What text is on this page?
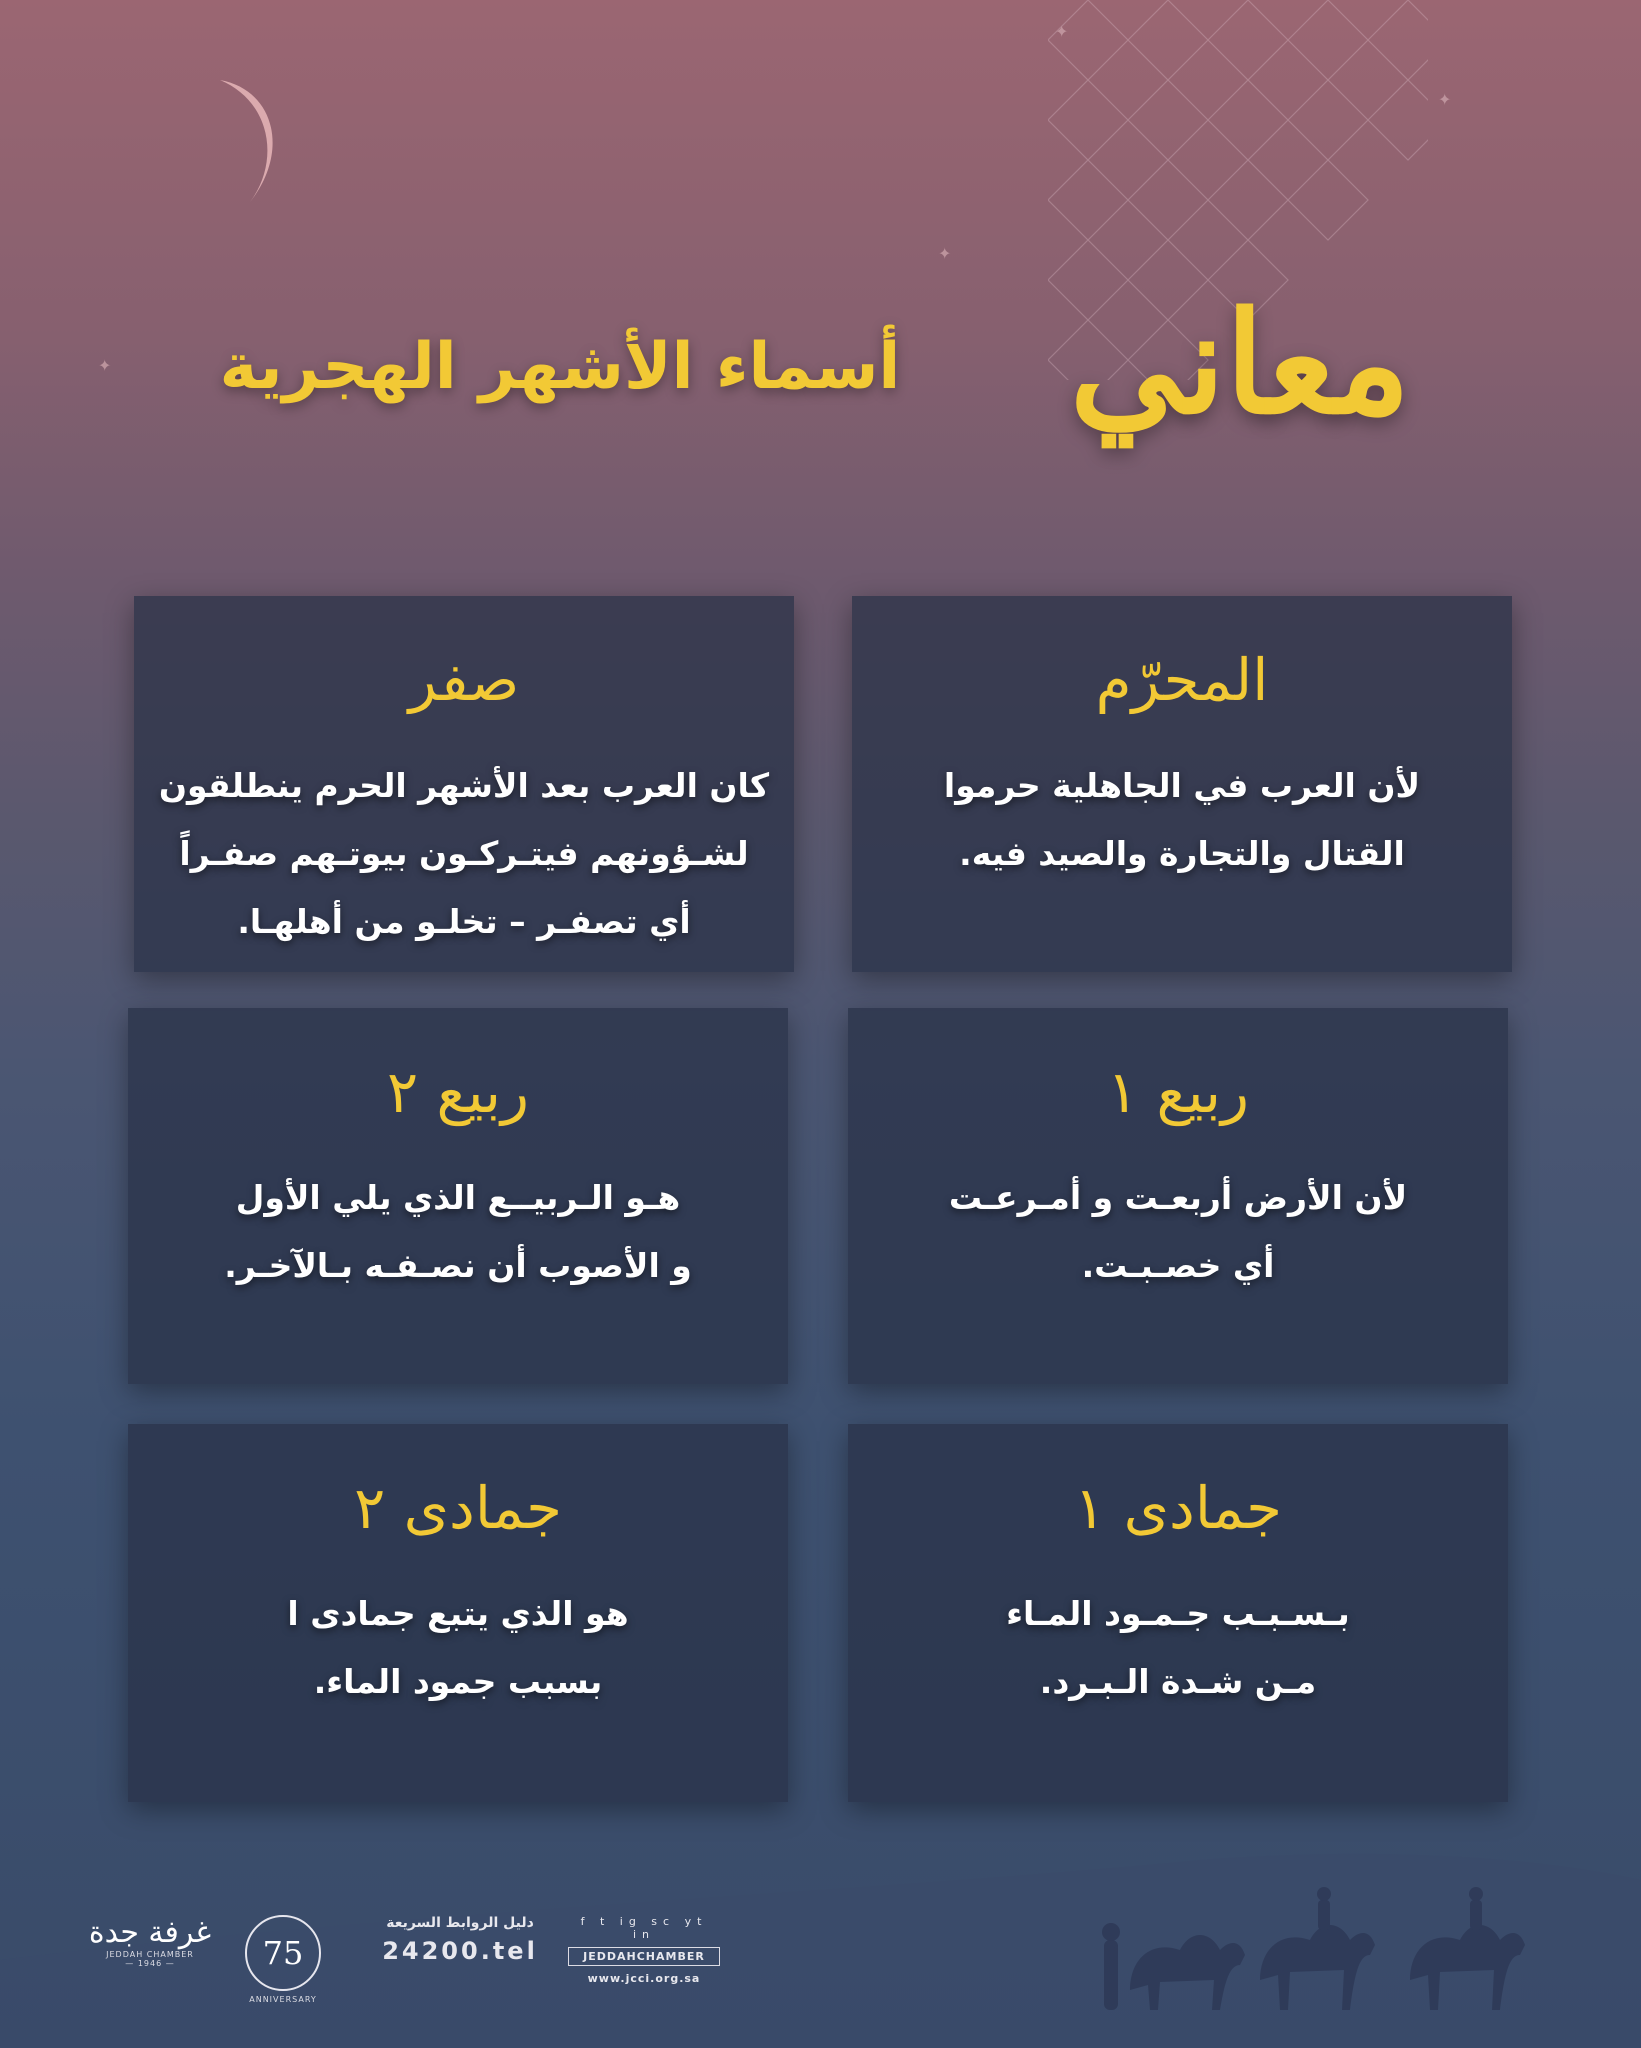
✦
✦
✦
✦
معاني
أسماء الأشهر الهجرية
المحرّم
لأن العرب في الجاهلية حرموا
القتال والتجارة والصيد فيه.
صفر
كان العرب بعد الأشهر الحرم ينطلقون
لشـؤونهم فيتـركـون بيوتـهم صفـراً
أي تصفـر – تخلـو من أهلهـا.
ربيع ١
لأن الأرض أربعـت و أمـرعـت
أي خصـبـت.
ربيع ٢
هـو الـربيــع الذي يلي الأول
و الأصوب أن نصـفـه بـالآخـر.
جمادى ١
بـسـبـب جـمـود المـاء
مـن شـدة الـبـرد.
جمادى ٢
هو الذي يتبع جمادى ا
بسبب جمود الماء.
غرفة جدة
JEDDAH CHAMBER
— 1946 —	75
ANNIVERSARY
دليل الروابط السريعة
24200.tel
f t ig sc yt in
JEDDAHCHAMBER
www.jcci.org.sa
